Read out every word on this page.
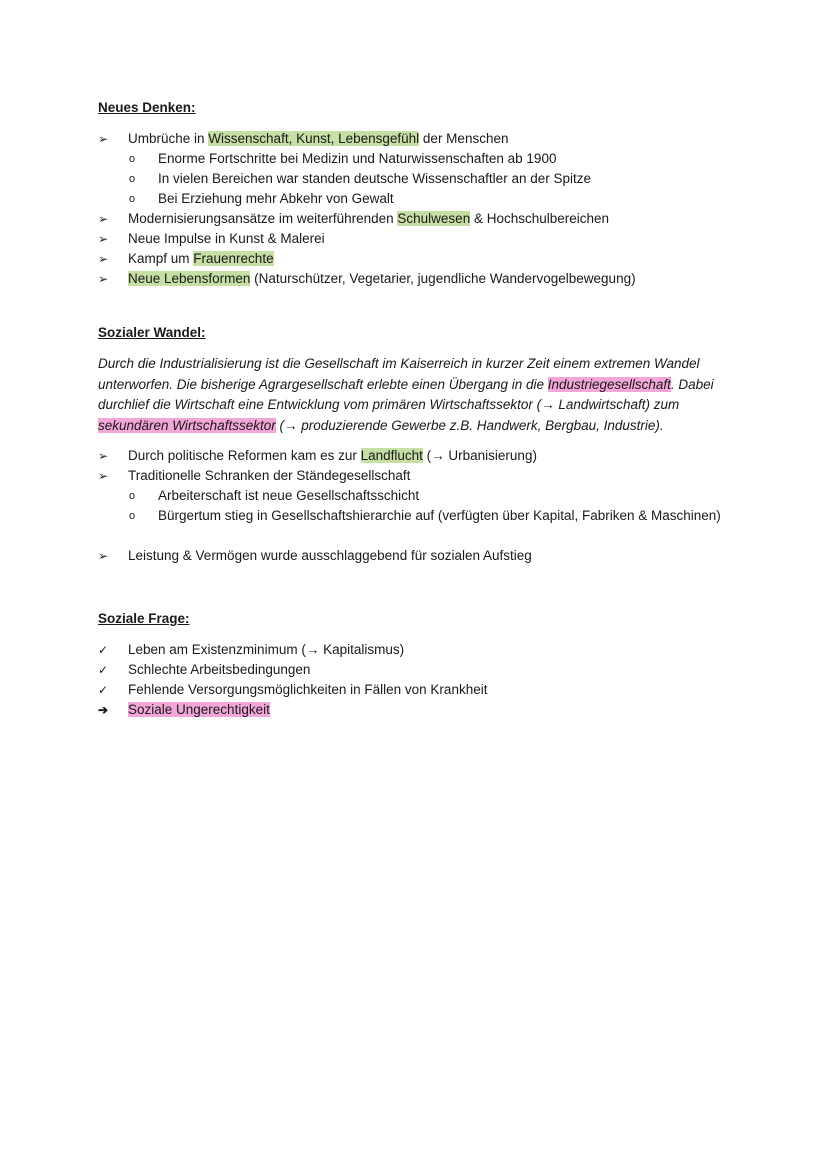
Neues Denken:

➢ Umbrüche in Wissenschaft, Kunst, Lebensgefühl der Menschen
o Enorme Fortschritte bei Medizin und Naturwissenschaften ab 1900
o In vielen Bereichen war standen deutsche Wissenschaftler an der Spitze
o Bei Erziehung mehr Abkehr von Gewalt
➢ Modernisierungsansätze im weiterführenden Schulwesen & Hochschulbereichen
➢ Neue Impulse in Kunst & Malerei
➢ Kampf um Frauenrechte
➢ Neue Lebensformen (Naturschützer, Vegetarier, jugendliche Wandervogelbewegung)

Sozialer Wandel:

Durch die Industrialisierung ist die Gesellschaft im Kaiserreich in kurzer Zeit einem extremen Wandel unterworfen. Die bisherige Agrargesellschaft erlebte einen Übergang in die Industriegesellschaft. Dabei durchlief die Wirtschaft eine Entwicklung vom primären Wirtschaftssektor (→ Landwirtschaft) zum sekundären Wirtschaftssektor (→ produzierende Gewerbe z.B. Handwerk, Bergbau, Industrie).

➢ Durch politische Reformen kam es zur Landflucht (→ Urbanisierung)
➢ Traditionelle Schranken der Ständegesellschaft
o Arbeiterschaft ist neue Gesellschaftsschicht
o Bürgertum stieg in Gesellschaftshierarchie auf (verfügten über Kapital, Fabriken & Maschinen)
➢ Leistung & Vermögen wurde ausschlaggebend für sozialen Aufstieg

Soziale Frage:

✓ Leben am Existenzminimum (→ Kapitalismus)
✓ Schlechte Arbeitsbedingungen
✓ Fehlende Versorgungsmöglichkeiten in Fällen von Krankheit
➔ Soziale Ungerechtigkeit
